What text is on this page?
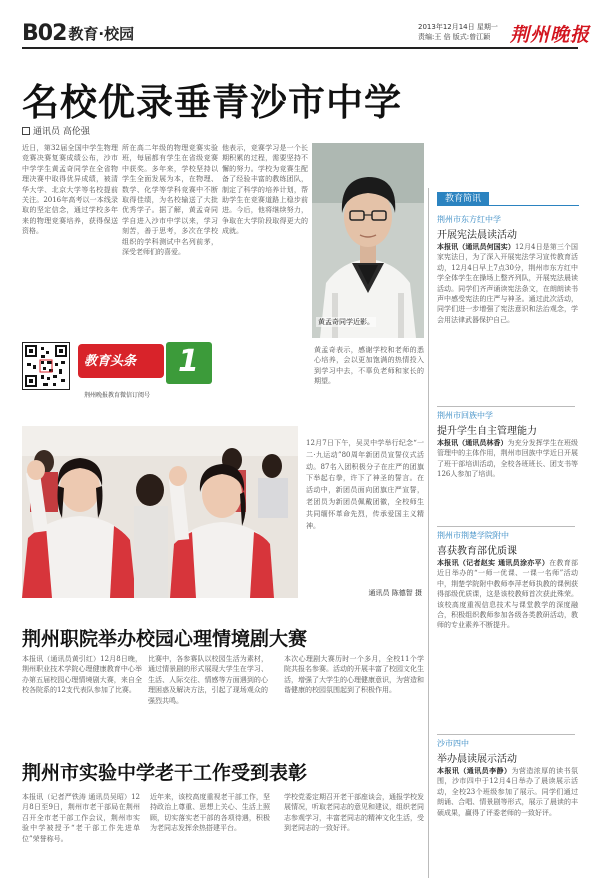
B02 教育·校园	2013年12月14日 星期一
责编:王 倍 版式:曾江颖	荆州晚报
名校优录垂青沙市中学
通讯员 高伦强
近日，第32届全国中学生物理竞赛决赛复赛成绩公布，沙市中学学生黄孟奇同学在全省物理决赛中取得优异成绩，被清华大学、北京大学等名校提前关注。2016年高考以一本线录取的坚定信念，通过学校多年来的物理竞赛培养，获得保送资格。
所在高二年级的物理竞赛实验班，每届都有学生在省级竞赛中获奖。多年来，学校坚持以学生全面发展为本，在物理、数学、化学等学科竞赛中不断取得佳绩，为名校输送了大批优秀学子。据了解，黄孟奇同学自进入沙市中学以来，学习刻苦，善于思考，多次在学校组织的学科测试中名列前茅，深受老师们的喜爱。
他表示，竞赛学习是一个长期积累的过程，需要坚持不懈的努力。学校为竞赛生配备了经验丰富的教练团队，制定了科学的培养计划，帮助学生在竞赛道路上稳步前进。今后，他将继续努力，争取在大学阶段取得更大的成就。
黄孟奇表示，感谢学校和老师的悉心培养，会以更加饱满的热情投入到学习中去，不辜负老师和家长的期望。
黄孟奇同学近影。
教育头条 1
荆州晚报教育微信订阅号
12月7日下午，吴灵中学举行纪念“一二·九运动”80周年新团员宣誓仪式活动。87名入团积极分子在庄严的团旗下举起右拳，许下了神圣的誓言。在活动中，新团员面向团旗庄严宣誓，老团员为新团员佩戴团徽，全校师生共同缅怀革命先烈，传承爱国主义精神。
通讯员 陈德智 摄
荆州职院举办校园心理情境剧大赛
本报讯（通讯员黄引红）12月8日晚，荆州职业技术学院心理健康教育中心举办第五届校园心理情境剧大赛，来自全校各院系的12支代表队参加了比赛。
比赛中，各参赛队以校园生活为素材，通过情景剧的形式展现大学生在学习、生活、人际交往、情感等方面遇到的心理困惑及解决方法，引起了现场观众的强烈共鸣。
本次心理剧大赛历时一个多月，全校11个学院共报名参赛。活动的开展丰富了校园文化生活，增强了大学生的心理健康意识，为营造和谐健康的校园氛围起到了积极作用。
荆州市实验中学老干工作受到表彰
本报讯（记者严铁涛 通讯员吴昭）12月8日至9日，荆州市老干部局在荆州召开全市老干部工作会议，荆州市实验中学被授予“老干部工作先进单位”荣誉称号。
近年来，该校高度重视老干部工作，坚持政治上尊重、思想上关心、生活上照顾，切实落实老干部的各项待遇，积极为老同志发挥余热搭建平台。
学校党委定期召开老干部座谈会，通报学校发展情况，听取老同志的意见和建议，组织老同志参观学习，丰富老同志的精神文化生活，受到老同志的一致好评。
教育简讯
荆州市东方红中学
开展宪法晨读活动
本报讯（通讯员何国实）12月4日是第三个国家宪法日，为了深入开展宪法学习宣传教育活动，12月4日早上7点30分，荆州市东方红中学全体学生在操场上整齐列队，开展宪法晨读活动。同学们齐声诵读宪法条文，在朗朗读书声中感受宪法的庄严与神圣。通过此次活动，同学们进一步增强了宪法意识和法治观念，学会用法律武器保护自己。
荆州市回族中学
提升学生自主管理能力
本报讯（通讯员林香）为充分发挥学生在班级管理中的主体作用，荆州市回族中学近日开展了班干部培训活动，全校各班班长、团支书等126人参加了培训。
荆州市荆楚学院附中
喜获教育部优质课
本报讯（记者赵实 通讯员涂亦平）在教育部近日举办的“一师一优课、一课一名师”活动中，荆楚学院附中教师李萍老师执教的课例获得部级优质课，这是该校教师首次获此殊荣。该校高度重视信息技术与课堂教学的深度融合，积极组织教师参加各级各类教研活动，教师的专业素养不断提升。
沙市四中
举办晨读展示活动
本报讯（通讯员李静）为营造浓厚的读书氛围，沙市四中于12月4日举办了晨读展示活动，全校23个班级参加了展示。同学们通过朗诵、合唱、情景剧等形式，展示了晨读的丰硕成果，赢得了评委老师的一致好评。
